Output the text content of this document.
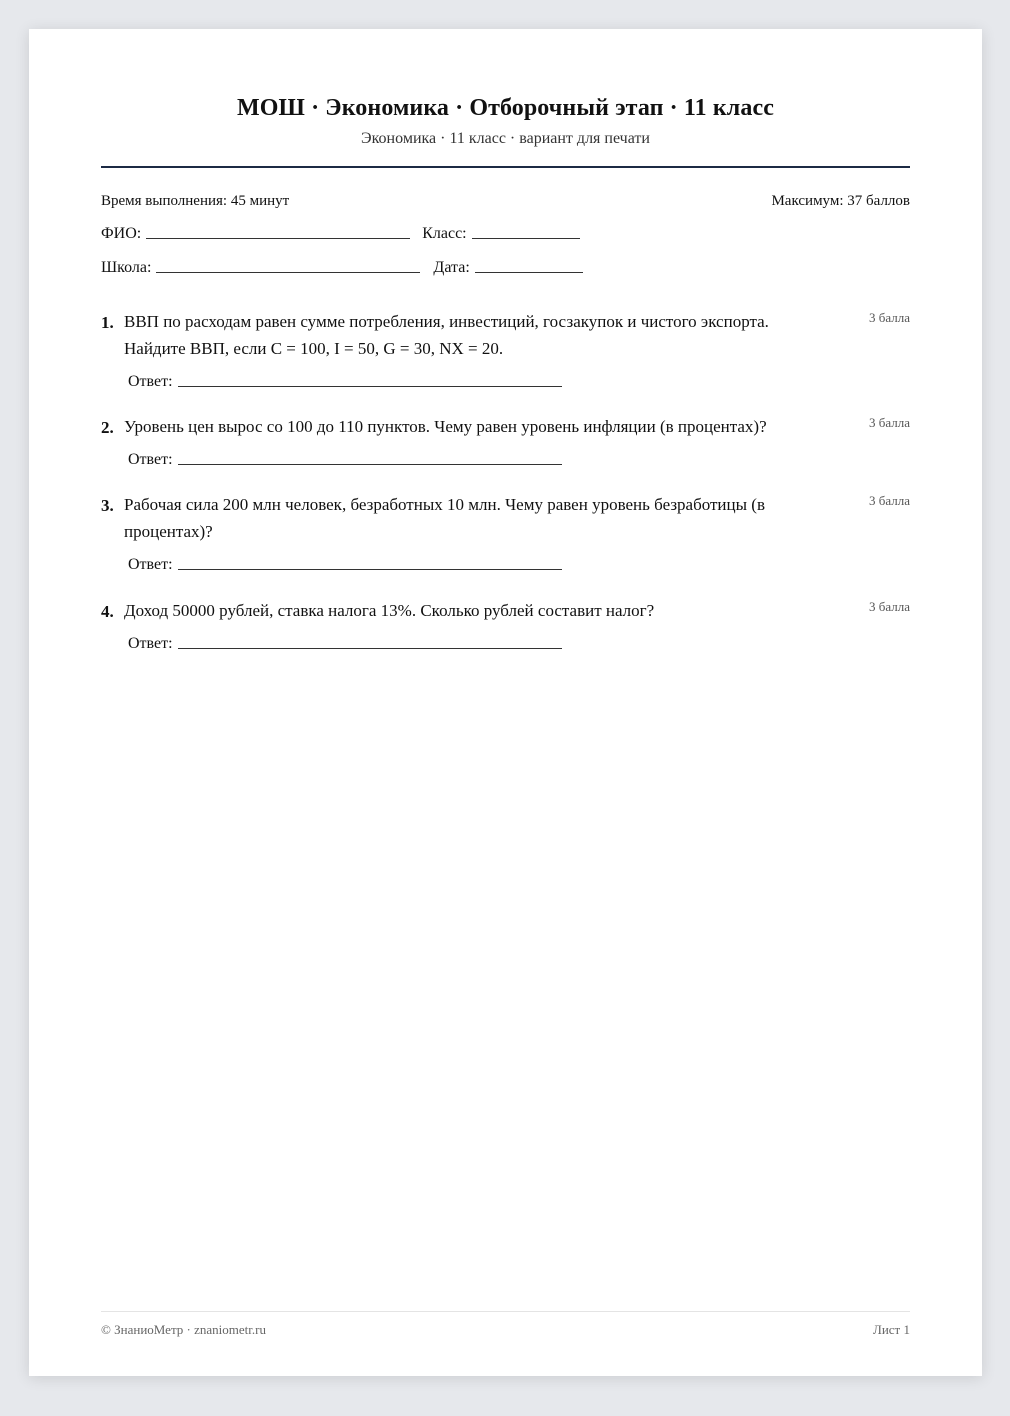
МОШ · Экономика · Отборочный этап · 11 класс
Экономика · 11 класс · вариант для печати
Время выполнения: 45 минут	Максимум: 37 баллов
ФИО:	Класс:
Школа:	Дата:
1. ВВП по расходам равен сумме потребления, инвестиций, госзакупок и чистого экспорта. Найдите ВВП, если C = 100, I = 50, G = 30, NX = 20.
3 балла
Ответ:
2. Уровень цен вырос со 100 до 110 пунктов. Чему равен уровень инфляции (в процентах)?	3 балла
Ответ:
3. Рабочая сила 200 млн человек, безработных 10 млн. Чему равен уровень безработицы (в процентах)?
3 балла
Ответ:
4. Доход 50000 рублей, ставка налога 13%. Сколько рублей составит налог?	3 балла
Ответ:
© ЗнаниоМетр · znaniometr.ru	Лист 1
